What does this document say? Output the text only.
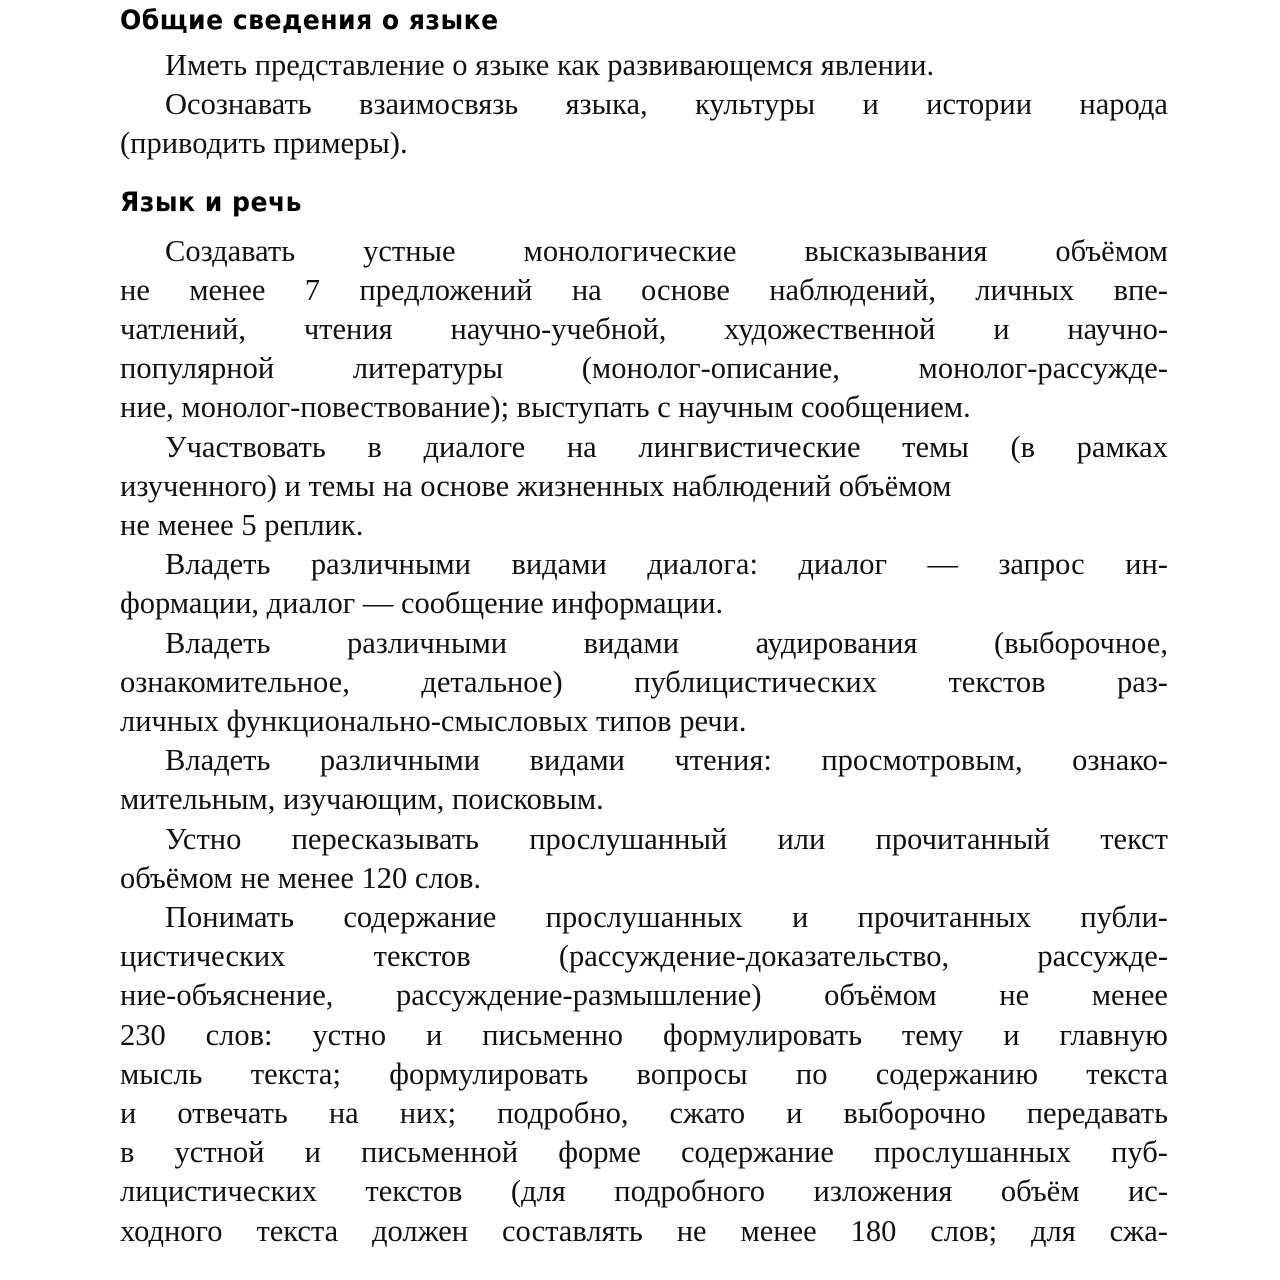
Общие сведения о языке
Иметь представление о языке как развивающемся явлении.
Осознавать взаимосвязь языка, культуры и истории народа
(приводить примеры).
Язык и речь
Создавать устные монологические высказывания объёмом
не менее 7 предложений на основе наблюдений, личных впе-
чатлений, чтения научно-учебной, художественной и научно-
популярной	литературы	(монолог-описание,	монолог-рассужде-
ние, монолог-повествование); выступать с научным сообщением.
Участвовать в диалоге на лингвистические темы (в рамках
изученного) и темы на основе жизненных наблюдений объёмом
не менее 5 реплик.
Владеть различными видами диалога: диалог — запрос ин-
формации, диалог — сообщение информации.
Владеть	различными	видами	аудирования	(выборочное,
ознакомительное, детальное) публицистических текстов раз-
личных функционально-смысловых типов речи.
Владеть различными видами чтения: просмотровым, ознако-
мительным, изучающим, поисковым.
Устно пересказывать прослушанный или прочитанный текст
объёмом не менее 120 слов.
Понимать содержание прослушанных и прочитанных публи-
цистических	текстов	(рассуждение-доказательство,	рассужде-
ние-объяснение, рассуждение-размышление) объёмом не менее
230 слов: устно и письменно формулировать тему и главную
мысль текста; формулировать вопросы по содержанию текста
и отвечать на них; подробно, сжато и выборочно передавать
в устной и письменной форме содержание прослушанных пуб-
лицистических текстов (для подробного изложения объём ис-
ходного текста должен составлять не менее 180 слов; для сжа-
